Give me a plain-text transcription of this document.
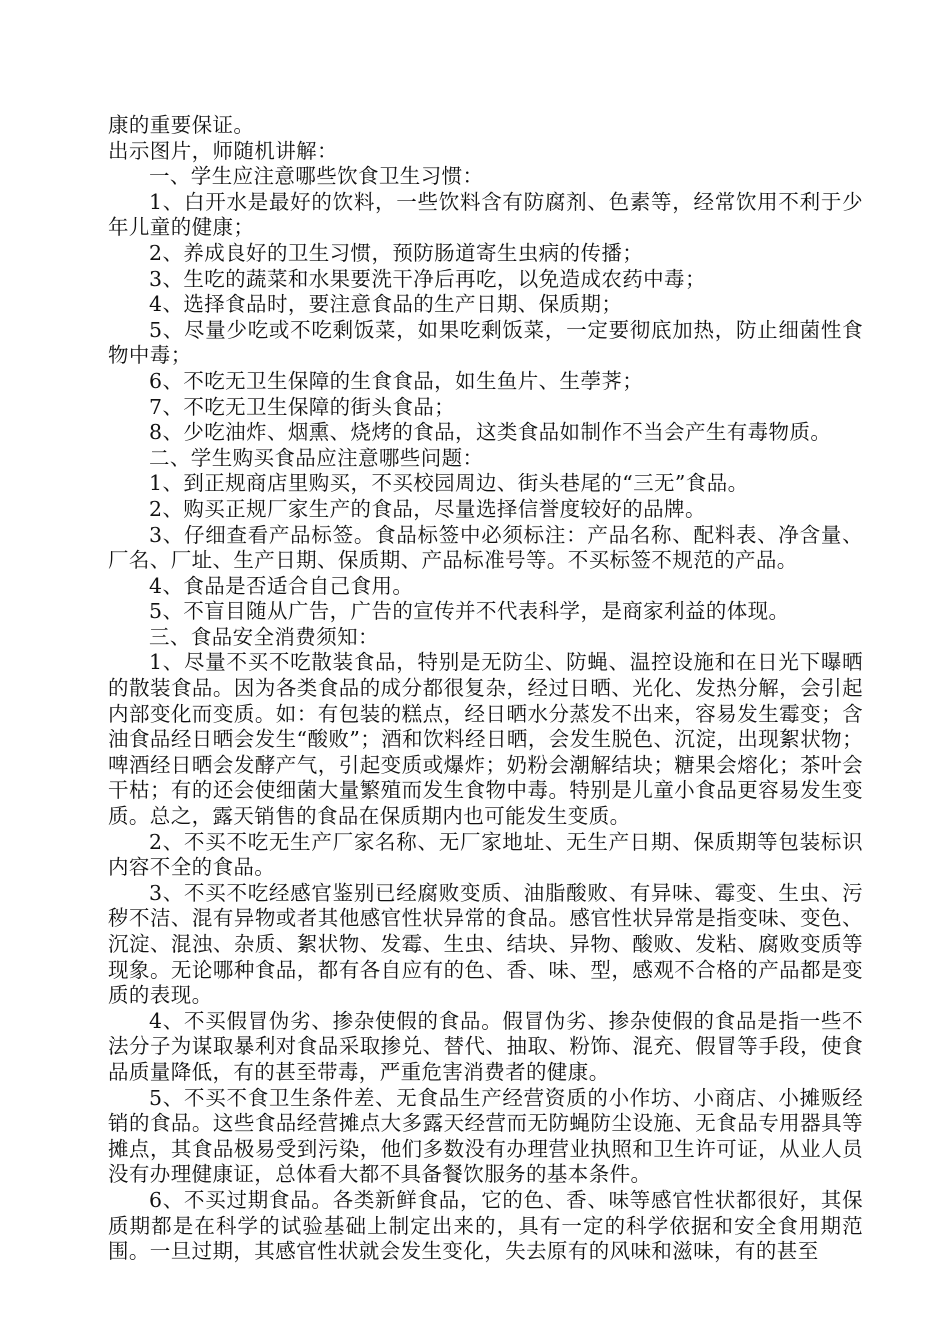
康的重要保证。

出示图片，师随机讲解：

一、学生应注意哪些饮食卫生习惯：

1、白开水是最好的饮料，一些饮料含有防腐剂、色素等，经常饮用不利于少年儿童的健康；

2、养成良好的卫生习惯，预防肠道寄生虫病的传播；

3、生吃的蔬菜和水果要洗干净后再吃，以免造成农药中毒；

4、选择食品时，要注意食品的生产日期、保质期；

5、尽量少吃或不吃剩饭菜，如果吃剩饭菜，一定要彻底加热，防止细菌性食物中毒；

6、不吃无卫生保障的生食食品，如生鱼片、生荸荠；

7、不吃无卫生保障的街头食品；

8、少吃油炸、烟熏、烧烤的食品，这类食品如制作不当会产生有毒物质。

二、学生购买食品应注意哪些问题：

1、到正规商店里购买，不买校园周边、街头巷尾的“三无”食品。

2、购买正规厂家生产的食品，尽量选择信誉度较好的品牌。

3、仔细查看产品标签。食品标签中必须标注：产品名称、配料表、净含量、厂名、厂址、生产日期、保质期、产品标准号等。不买标签不规范的产品。

4、食品是否适合自己食用。

5、不盲目随从广告，广告的宣传并不代表科学，是商家利益的体现。

三、食品安全消费须知：

1、尽量不买不吃散装食品，特别是无防尘、防蝇、温控设施和在日光下曝晒的散装食品。因为各类食品的成分都很复杂，经过日晒、光化、发热分解，会引起内部变化而变质。如：有包装的糕点，经日晒水分蒸发不出来，容易发生霉变；含油食品经日晒会发生“酸败”；酒和饮料经日晒，会发生脱色、沉淀，出现絮状物；啤酒经日晒会发酵产气，引起变质或爆炸；奶粉会潮解结块；糖果会熔化；茶叶会干枯；有的还会使细菌大量繁殖而发生食物中毒。特别是儿童小食品更容易发生变质。总之，露天销售的食品在保质期内也可能发生变质。

2、不买不吃无生产厂家名称、无厂家地址、无生产日期、保质期等包装标识内容不全的食品。

3、不买不吃经感官鉴别已经腐败变质、油脂酸败、有异味、霉变、生虫、污秽不洁、混有异物或者其他感官性状异常的食品。感官性状异常是指变味、变色、沉淀、混浊、杂质、絮状物、发霉、生虫、结块、异物、酸败、发粘、腐败变质等现象。无论哪种食品，都有各自应有的色、香、味、型，感观不合格的产品都是变质的表现。

4、不买假冒伪劣、掺杂使假的食品。假冒伪劣、掺杂使假的食品是指一些不法分子为谋取暴利对食品采取掺兑、替代、抽取、粉饰、混充、假冒等手段，使食品质量降低，有的甚至带毒，严重危害消费者的健康。

5、不买不食卫生条件差、无食品生产经营资质的小作坊、小商店、小摊贩经销的食品。这些食品经营摊点大多露天经营而无防蝇防尘设施、无食品专用器具等摊点，其食品极易受到污染，他们多数没有办理营业执照和卫生许可证，从业人员没有办理健康证，总体看大都不具备餐饮服务的基本条件。

6、不买过期食品。各类新鲜食品，它的色、香、味等感官性状都很好，其保质期都是在科学的试验基础上制定出来的，具有一定的科学依据和安全食用期范围。一旦过期，其感官性状就会发生变化，失去原有的风味和滋味，有的甚至
